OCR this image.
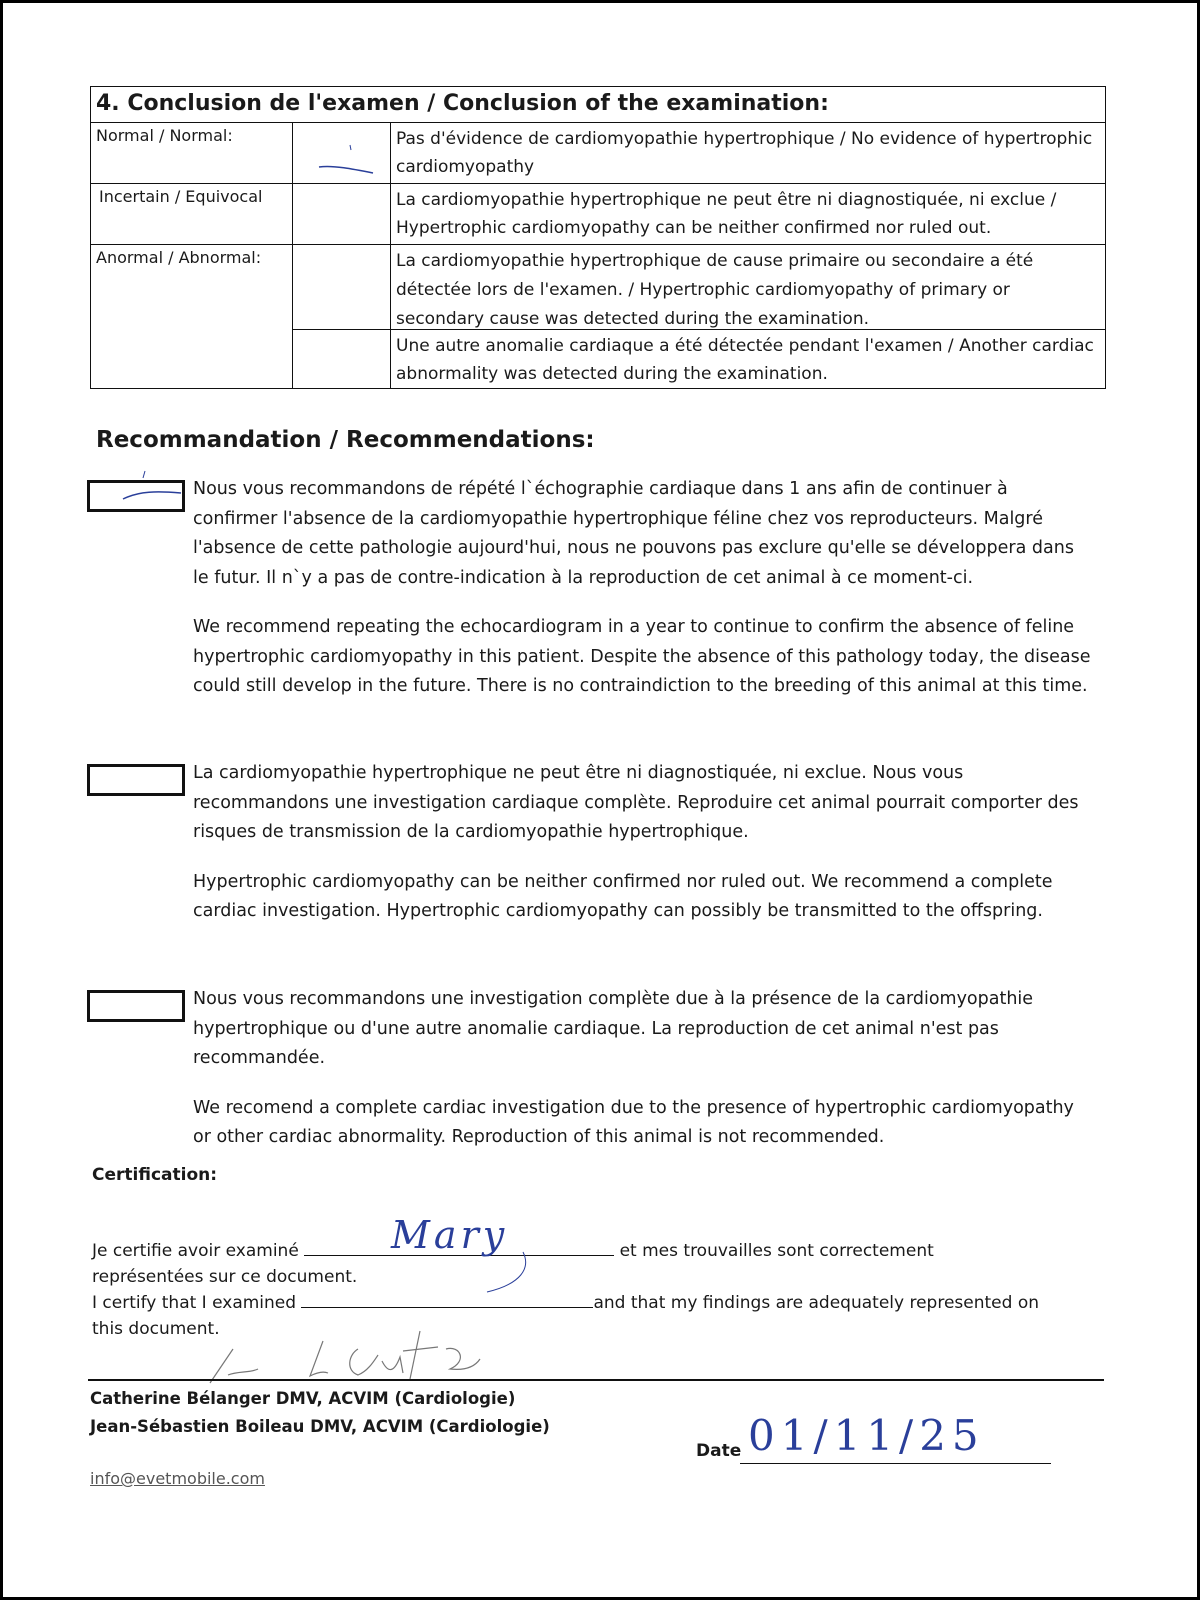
4. Conclusion de l'examen / Conclusion of the examination:
Normal / Normal:	Pas d'évidence de cardiomyopathie hypertrophique / No evidence of hypertrophic cardiomyopathy
Incertain / Equivocal	La cardiomyopathie hypertrophique ne peut être ni diagnostiquée, ni exclue / Hypertrophic cardiomyopathy can be neither confirmed nor ruled out.
Anormal / Abnormal:	La cardiomyopathie hypertrophique de cause primaire ou secondaire a été détectée lors de l'examen. / Hypertrophic cardiomyopathy of primary or secondary cause was detected during the examination.
Une autre anomalie cardiaque a été détectée pendant l'examen / Another cardiac abnormality was detected during the examination.
Recommandation / Recommendations:

Nous vous recommandons de répété l`échographie cardiaque dans 1 ans afin de continuer à confirmer l'absence de la cardiomyopathie hypertrophique féline chez vos reproducteurs. Malgré l'absence de cette pathologie aujourd'hui, nous ne pouvons pas exclure qu'elle se développera dans le futur. Il n`y a pas de contre-indication à la reproduction de cet animal à ce moment-ci.

We recommend repeating the echocardiogram in a year to continue to confirm the absence of feline hypertrophic cardiomyopathy in this patient. Despite the absence of this pathology today, the disease could still develop in the future. There is no contraindiction to the breeding of this animal at this time.

La cardiomyopathie hypertrophique ne peut être ni diagnostiquée, ni exclue. Nous vous recommandons une investigation cardiaque complète. Reproduire cet animal pourrait comporter des risques de transmission de la cardiomyopathie hypertrophique.

Hypertrophic cardiomyopathy can be neither confirmed nor ruled out. We recommend a complete cardiac investigation. Hypertrophic cardiomyopathy can possibly be transmitted to the offspring.

Nous vous recommandons une investigation complète due à la présence de la cardiomyopathie hypertrophique ou d'une autre anomalie cardiaque. La reproduction de cet animal n'est pas recommandée.

We recomend a complete cardiac investigation due to the presence of hypertrophic cardiomyopathy or other cardiac abnormality. Reproduction of this animal is not recommended.

Certification:
Je certifie avoir examiné	et mes trouvailles sont correctement
représentées sur ce document.
I certify that I examined	and that my findings are adequately represented on
this document.
Mary
Catherine Bélanger DMV, ACVIM (Cardiologie)
Jean-Sébastien Boileau DMV, ACVIM (Cardiologie)
info@evetmobile.com
Date 01/11/25
